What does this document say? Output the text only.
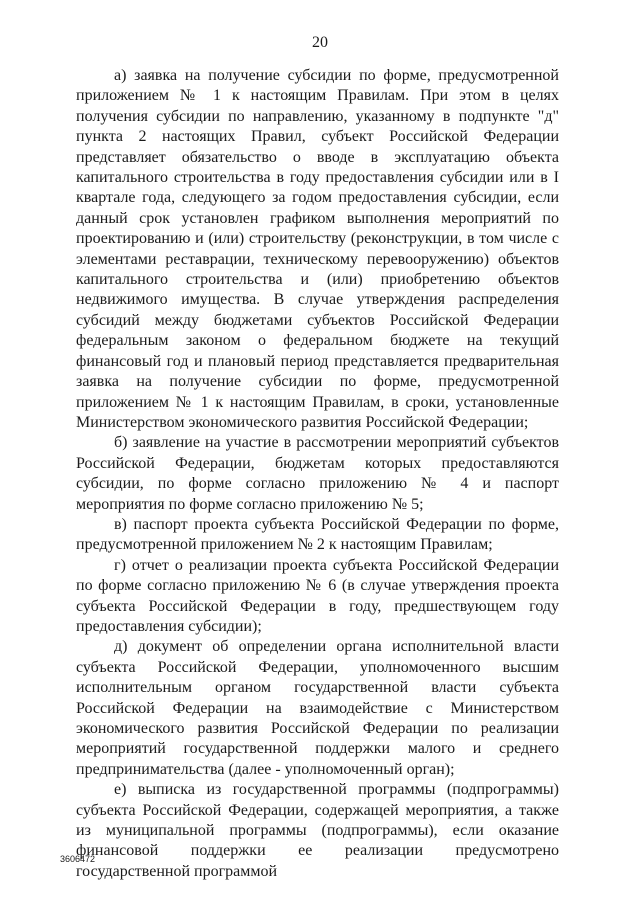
20

а) заявка на получение субсидии по форме, предусмотренной приложением № 1 к настоящим Правилам. При этом в целях получения субсидии по направлению, указанному в подпункте "д" пункта 2 настоящих Правил, субъект Российской Федерации представляет обязательство о вводе в эксплуатацию объекта капитального строительства в году предоставления субсидии или в I квартале года, следующего за годом предоставления субсидии, если данный срок установлен графиком выполнения мероприятий по проектированию и (или) строительству (реконструкции, в том числе с элементами реставрации, техническому перевооружению) объектов капитального строительства и (или) приобретению объектов недвижимого имущества. В случае утверждения распределения субсидий между бюджетами субъектов Российской Федерации федеральным законом о федеральном бюджете на текущий финансовый год и плановый период представляется предварительная заявка на получение субсидии по форме, предусмотренной приложением № 1 к настоящим Правилам, в сроки, установленные Министерством экономического развития Российской Федерации;

б) заявление на участие в рассмотрении мероприятий субъектов Российской Федерации, бюджетам которых предоставляются субсидии, по форме согласно приложению № 4 и паспорт мероприятия по форме согласно приложению № 5;

в) паспорт проекта субъекта Российской Федерации по форме, предусмотренной приложением № 2 к настоящим Правилам;

г) отчет о реализации проекта субъекта Российской Федерации по форме согласно приложению № 6 (в случае утверждения проекта субъекта Российской Федерации в году, предшествующем году предоставления субсидии);

д) документ об определении органа исполнительной власти субъекта Российской Федерации, уполномоченного высшим исполнительным органом государственной власти субъекта Российской Федерации на взаимодействие с Министерством экономического развития Российской Федерации по реализации мероприятий государственной поддержки малого и среднего предпринимательства (далее - уполномоченный орган);

е) выписка из государственной программы (подпрограммы) субъекта Российской Федерации, содержащей мероприятия, а также из муниципальной программы (подпрограммы), если оказание финансовой поддержки ее реализации предусмотрено государственной программой

3606472
